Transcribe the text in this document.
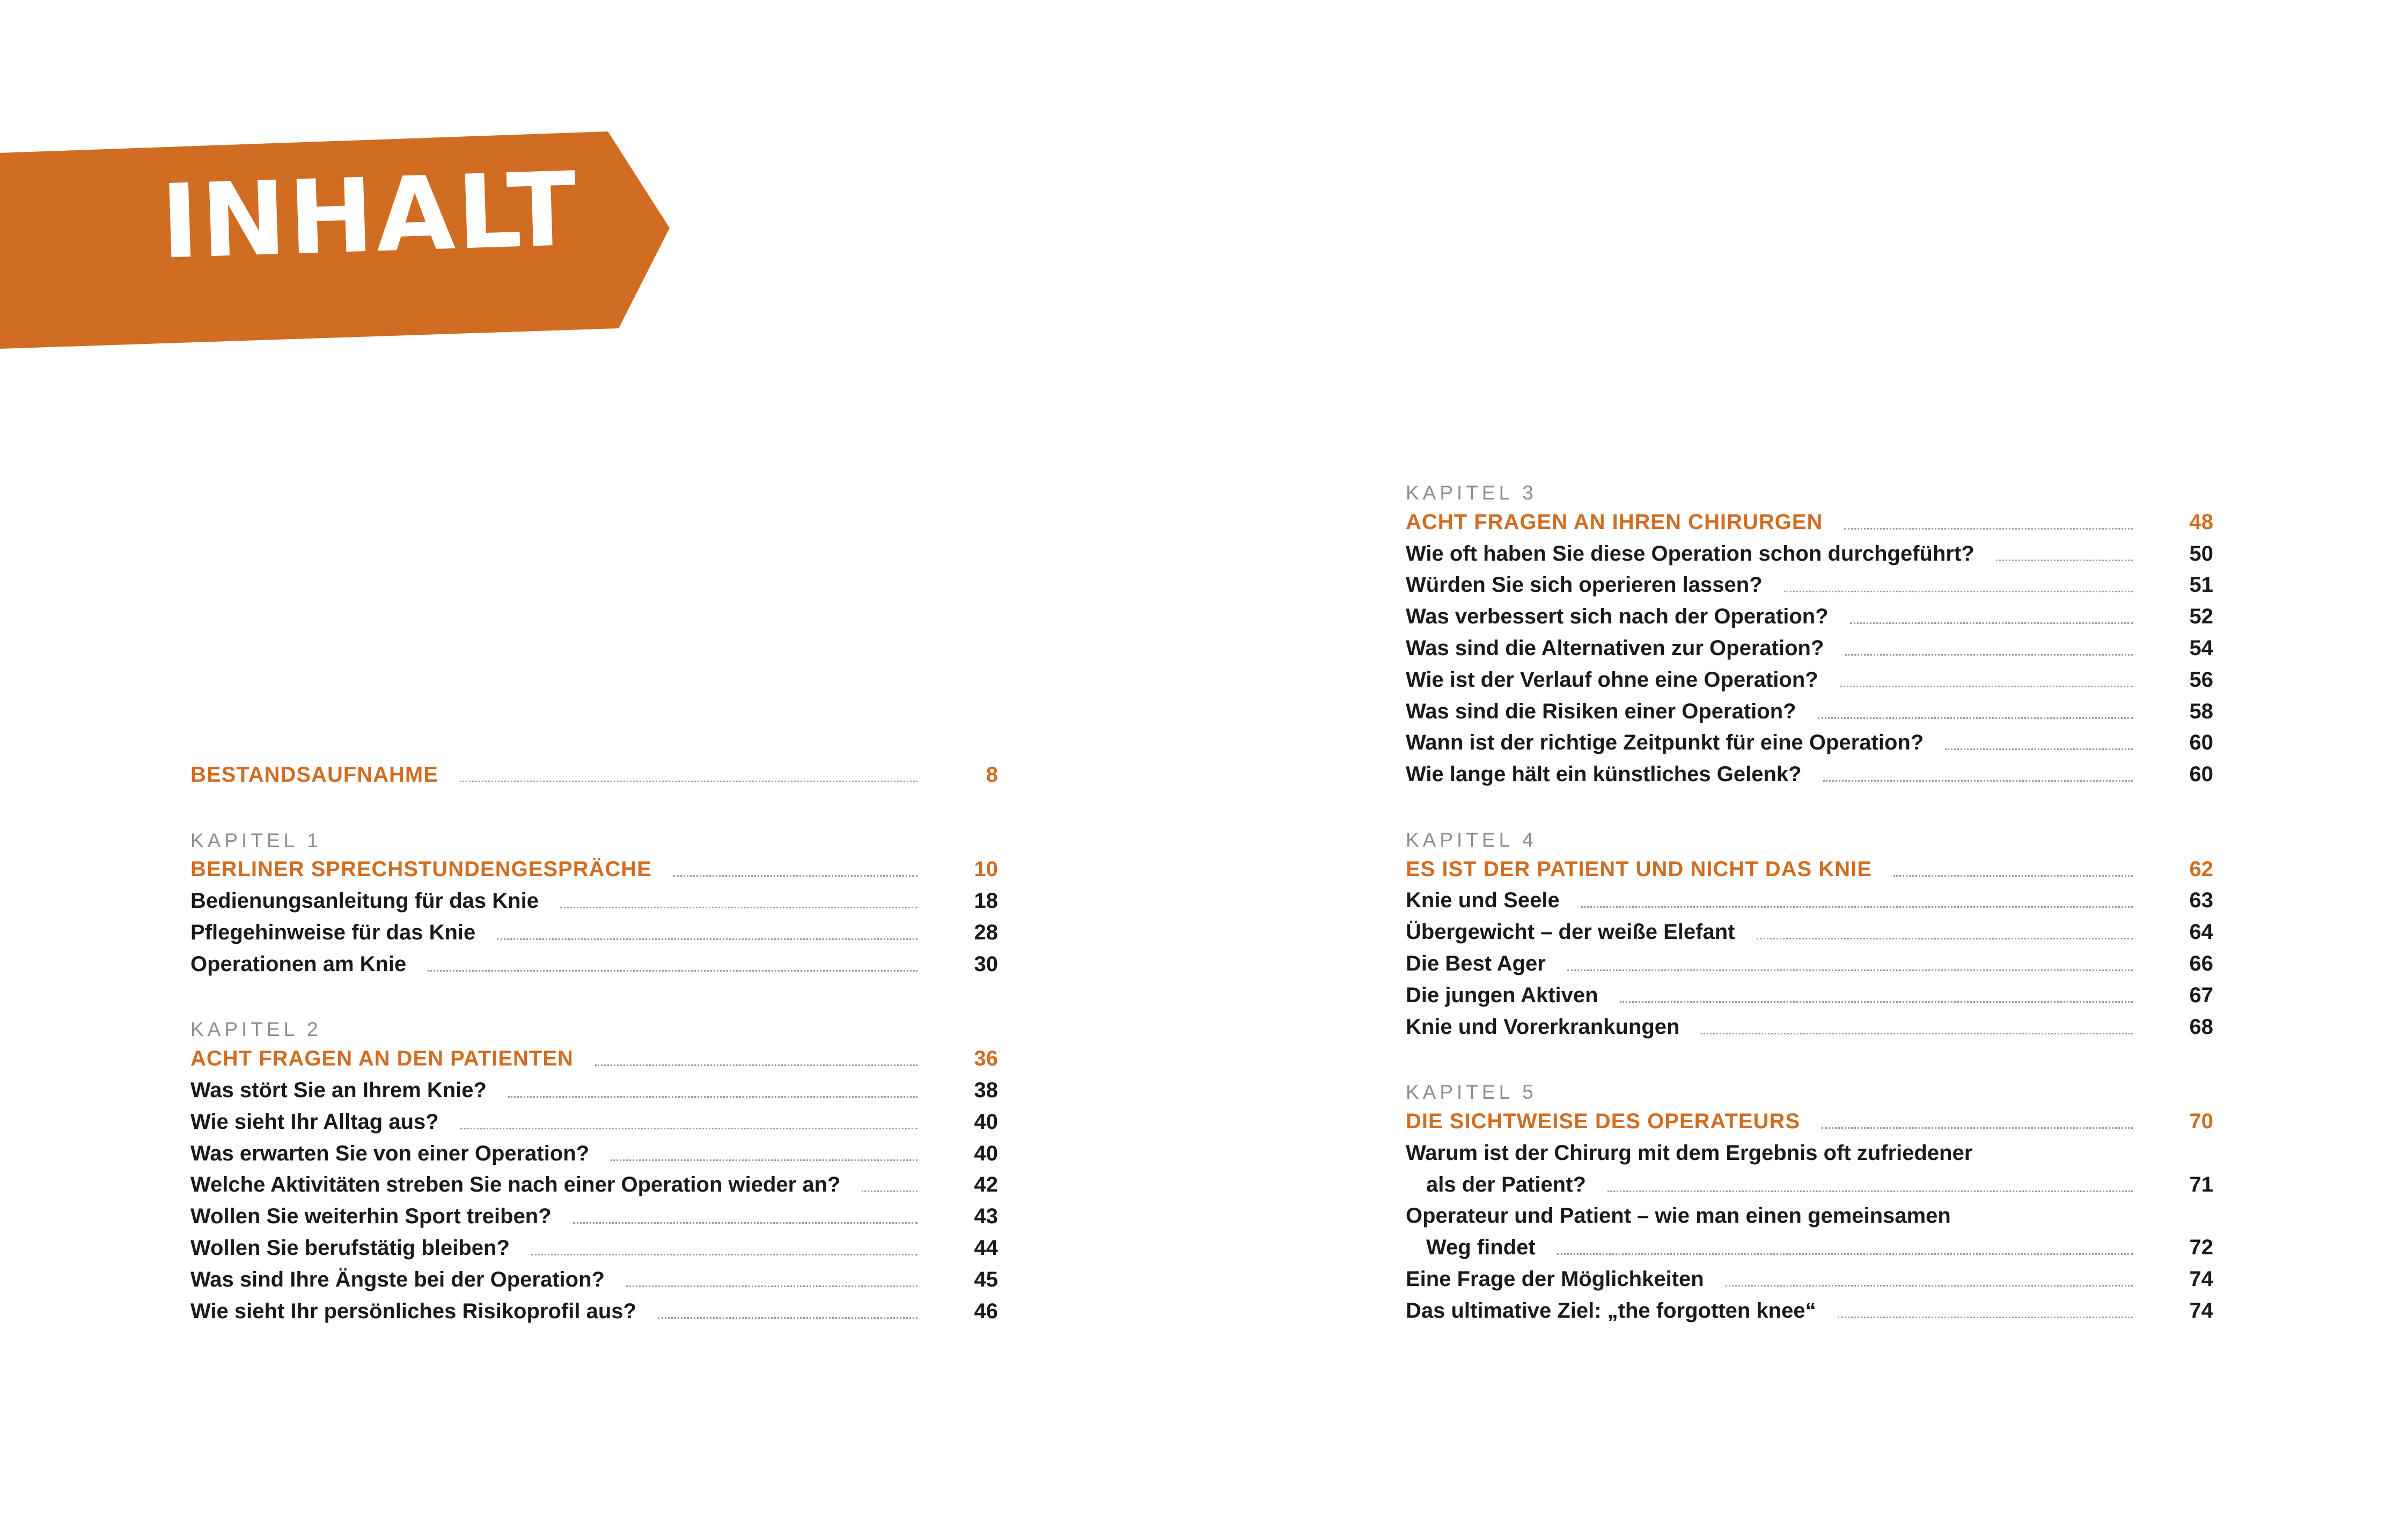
INHALT
BESTANDSAUFNAHME	8
KAPITEL 1
BERLINER SPRECHSTUNDENGESPRÄCHE	10
Bedienungsanleitung für das Knie	18
Pflegehinweise für das Knie	28
Operationen am Knie	30
KAPITEL 2
ACHT FRAGEN AN DEN PATIENTEN	36
Was stört Sie an Ihrem Knie?	38
Wie sieht Ihr Alltag aus?	40
Was erwarten Sie von einer Operation?	40
Welche Aktivitäten streben Sie nach einer Operation wieder an?	42
Wollen Sie weiterhin Sport treiben?	43
Wollen Sie berufstätig bleiben?	44
Was sind Ihre Ängste bei der Operation?	45
Wie sieht Ihr persönliches Risikoprofil aus?	46
KAPITEL 3
ACHT FRAGEN AN IHREN CHIRURGEN	48
Wie oft haben Sie diese Operation schon durchgeführt?	50
Würden Sie sich operieren lassen?	51
Was verbessert sich nach der Operation?	52
Was sind die Alternativen zur Operation?	54
Wie ist der Verlauf ohne eine Operation?	56
Was sind die Risiken einer Operation?	58
Wann ist der richtige Zeitpunkt für eine Operation?	60
Wie lange hält ein künstliches Gelenk?	60
KAPITEL 4
ES IST DER PATIENT UND NICHT DAS KNIE	62
Knie und Seele	63
Übergewicht – der weiße Elefant	64
Die Best Ager	66
Die jungen Aktiven	67
Knie und Vorerkrankungen	68
KAPITEL 5
DIE SICHTWEISE DES OPERATEURS	70
Warum ist der Chirurg mit dem Ergebnis oft zufriedener
als der Patient?	71
Operateur und Patient – wie man einen gemeinsamen
Weg findet	72
Eine Frage der Möglichkeiten	74
Das ultimative Ziel: „the forgotten knee“	74
